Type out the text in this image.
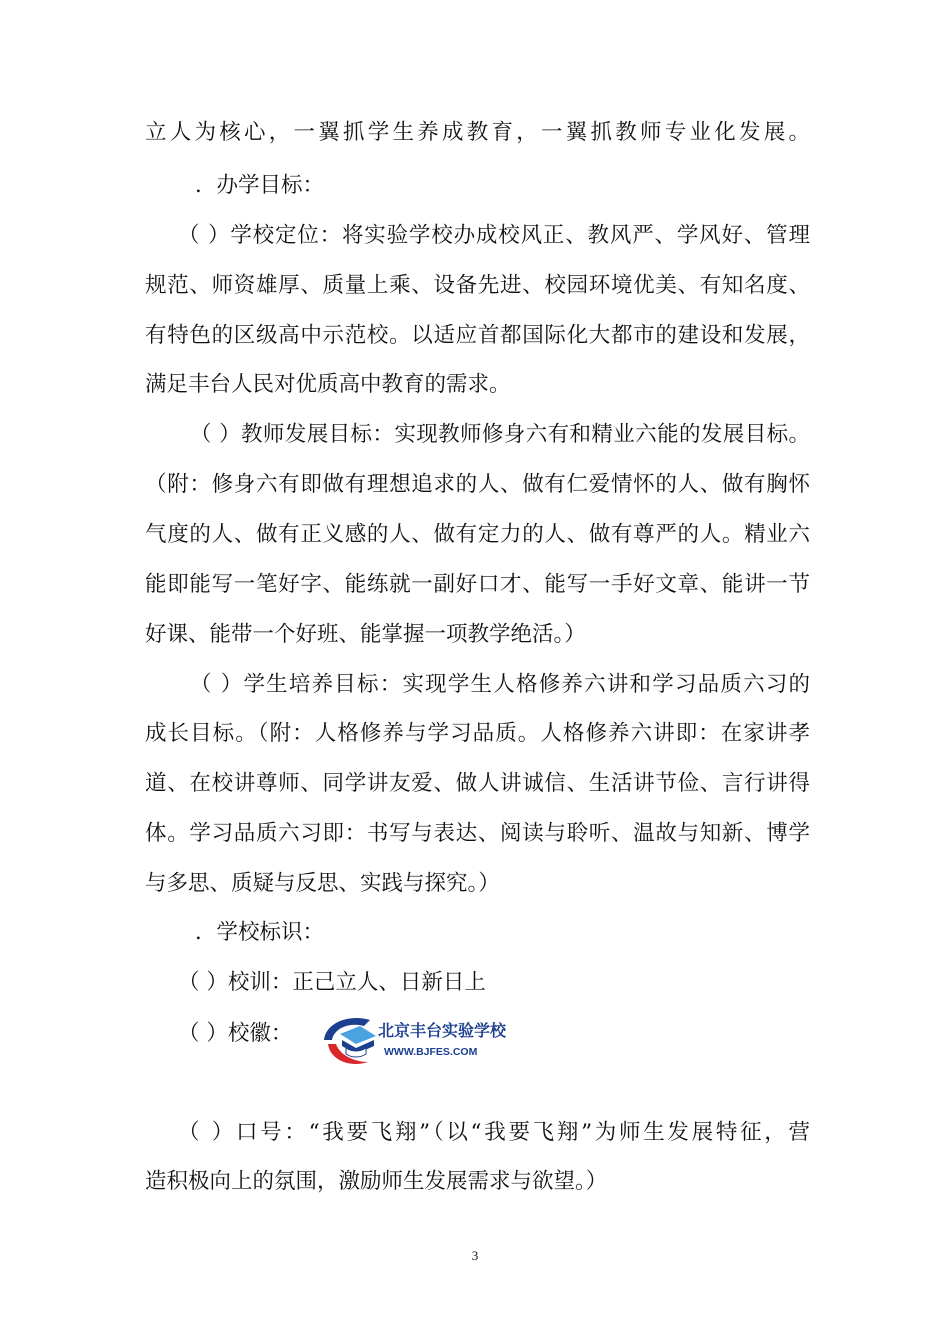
立人为核心，一翼抓学生养成教育，一翼抓教师专业化发展。
．办学目标：
（ ）学校定位：将实验学校办成校风正、教风严、学风好、管理
规范、师资雄厚、质量上乘、设备先进、校园环境优美、有知名度、
有特色的区级高中示范校。以适应首都国际化大都市的建设和发展，
满足丰台人民对优质高中教育的需求。
（ ）教师发展目标：实现教师修身六有和精业六能的发展目标。
（附：修身六有即做有理想追求的人、做有仁爱情怀的人、做有胸怀
气度的人、做有正义感的人、做有定力的人、做有尊严的人。精业六
能即能写一笔好字、能练就一副好口才、能写一手好文章、能讲一节
好课、能带一个好班、能掌握一项教学绝活。）
（ ）学生培养目标：实现学生人格修养六讲和学习品质六习的
成长目标。（附：人格修养与学习品质。人格修养六讲即：在家讲孝
道、在校讲尊师、同学讲友爱、做人讲诚信、生活讲节俭、言行讲得
体。学习品质六习即：书写与表达、阅读与聆听、温故与知新、博学
与多思、质疑与反思、实践与探究。）
．学校标识：
（ ）校训：正己立人、日新日上
（ ）校徽：	北京丰台实验学校
WWW.BJFES.COM
（ ）口号：“我要飞翔”（以“我要飞翔”为师生发展特征，营
造积极向上的氛围，激励师生发展需求与欲望。）
3
